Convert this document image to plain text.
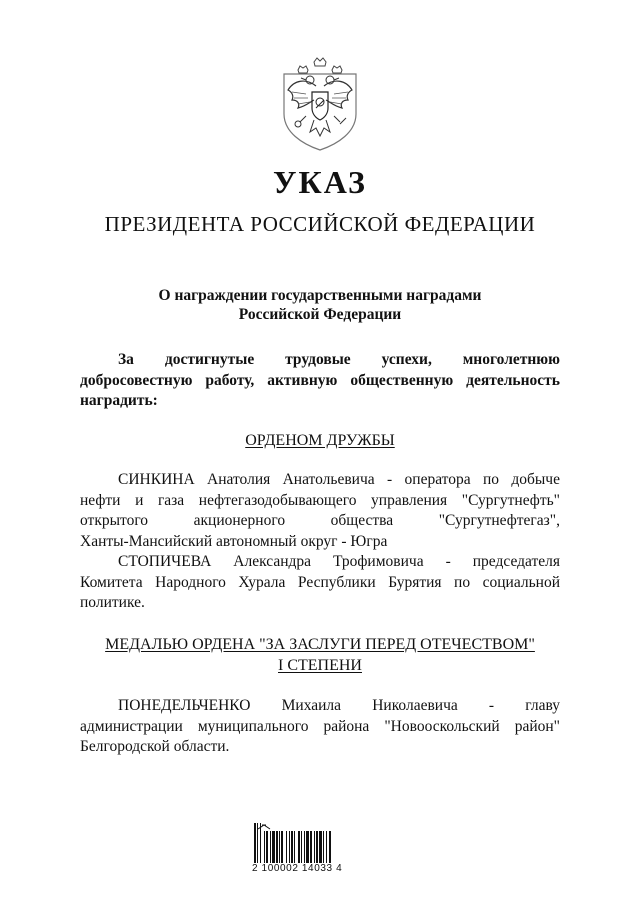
УКАЗ
ПРЕЗИДЕНТА РОССИЙСКОЙ ФЕДЕРАЦИИ
О награждении государственными наградами
Российской Федерации
За достигнутые трудовые успехи, многолетнюю
добросовестную работу, активную общественную деятельность
наградить:
ОРДЕНОМ ДРУЖБЫ
СИНКИНА Анатолия Анатольевича - оператора по добыче
нефти и газа нефтегазодобывающего управления "Сургутнефть"
открытого акционерного общества "Сургутнефтегаз",
Ханты-Мансийский автономный округ - Югра
СТОПИЧЕВА Александра Трофимовича - председателя
Комитета Народного Хурала Республики Бурятия по социальной
политике.
МЕДАЛЬЮ ОРДЕНА "ЗА ЗАСЛУГИ ПЕРЕД ОТЕЧЕСТВОМ"
I СТЕПЕНИ
ПОНЕДЕЛЬЧЕНКО Михаила Николаевича - главу
администрации муниципального района "Новооскольский район"
Белгородской области.
2 100002 14033 4
